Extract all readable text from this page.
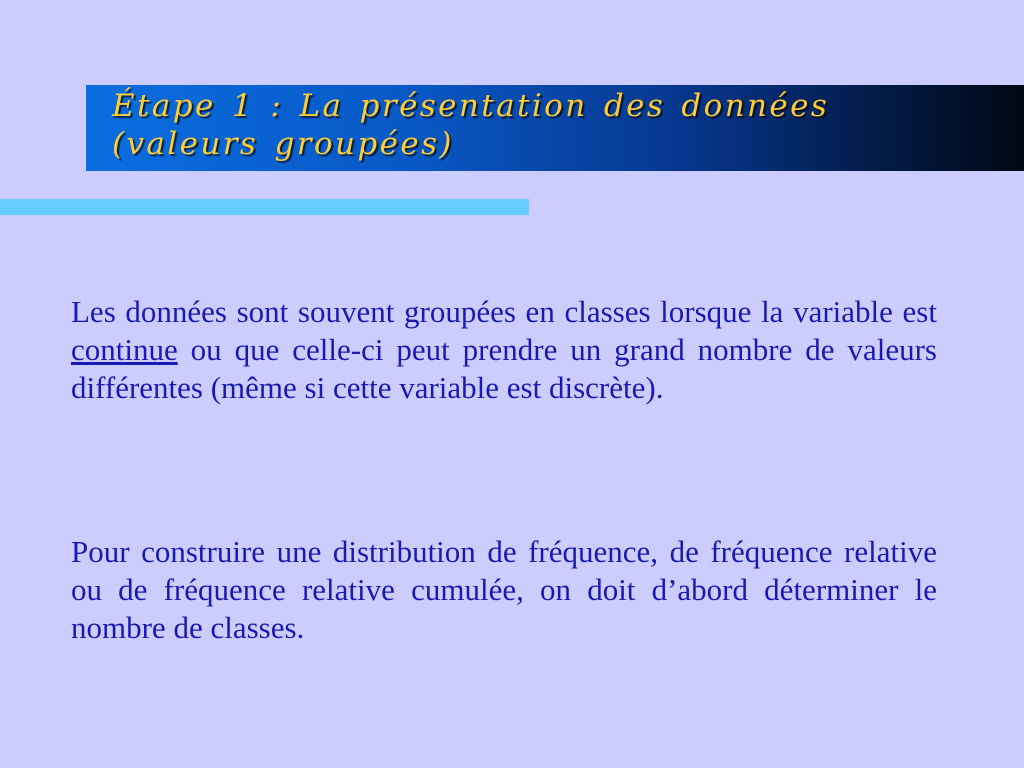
Étape 1 : La présentation des données (valeurs groupées)

Les données sont souvent groupées en classes lorsque la variable est continue ou que celle-ci peut prendre un grand nombre de valeurs différentes (même si cette variable est discrète).

Pour construire une distribution de fréquence, de fréquence relative ou de fréquence relative cumulée, on doit d’abord déterminer le nombre de classes.
